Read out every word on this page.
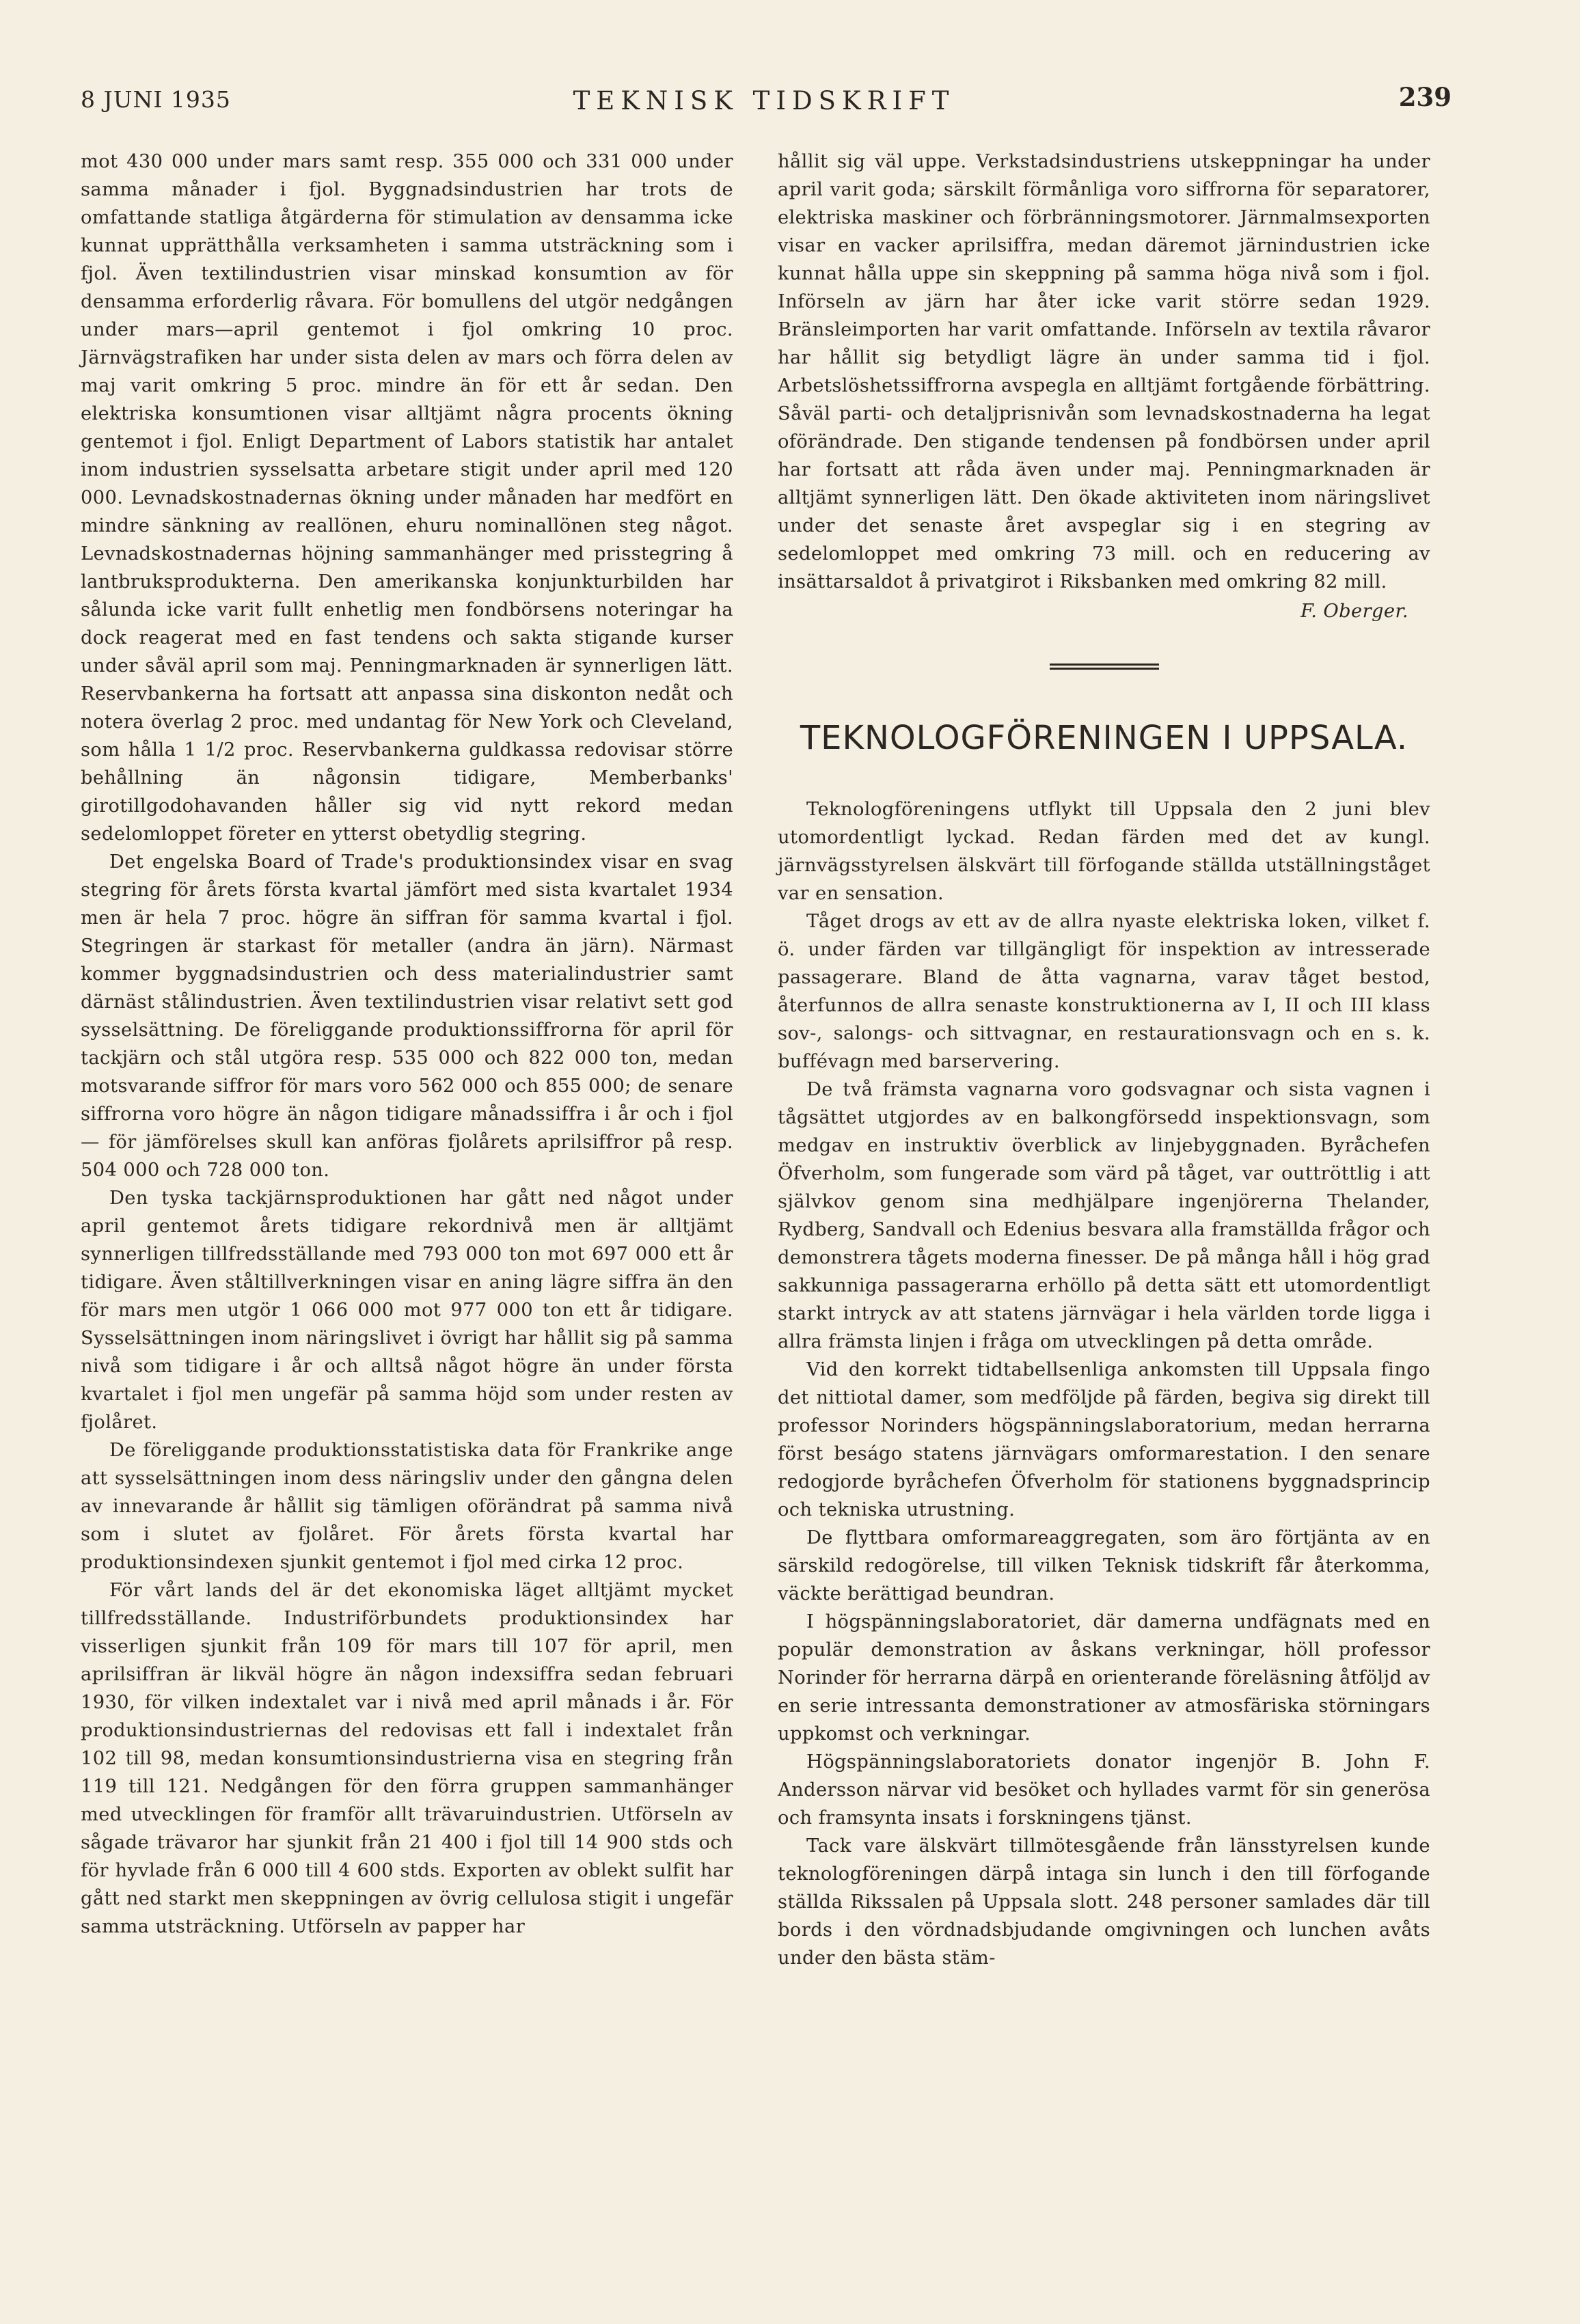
8 JUNI 1935	TEKNISK TIDSKRIFT	239

mot 430 000 under mars samt resp. 355 000 och 331 000 under samma månader i fjol. Byggnadsindustrien har trots de omfattande statliga åtgärderna för stimulation av densamma icke kunnat upprätthålla verksamheten i samma utsträckning som i fjol. Även textilindustrien visar minskad konsumtion av för densamma erforderlig råvara. För bomullens del utgör nedgången under mars—april gentemot i fjol omkring 10 proc. Järnvägstrafiken har under sista delen av mars och förra delen av maj varit omkring 5 proc. mindre än för ett år sedan. Den elektriska konsumtionen visar alltjämt några procents ökning gentemot i fjol. Enligt Department of Labors statistik har antalet inom industrien sysselsatta arbetare stigit under april med 120 000. Levnadskostnadernas ökning under månaden har medfört en mindre sänkning av reallönen, ehuru nominallönen steg något. Levnadskostnadernas höjning sammanhänger med prisstegring å lantbruksprodukterna. Den amerikanska konjunkturbilden har sålunda icke varit fullt enhetlig men fondbörsens noteringar ha dock reagerat med en fast tendens och sakta stigande kurser under såväl april som maj. Penningmarknaden är synnerligen lätt. Reservbankerna ha fortsatt att anpassa sina diskonton nedåt och notera överlag 2 proc. med undantag för New York och Cleveland, som hålla 1 1/2 proc. Reservbankerna guldkassa redovisar större behållning än någonsin tidigare, Memberbanks' girotillgodohavanden håller sig vid nytt rekord medan sedelomloppet företer en ytterst obetydlig stegring.

Det engelska Board of Trade's produktionsindex visar en svag stegring för årets första kvartal jämfört med sista kvartalet 1934 men är hela 7 proc. högre än siffran för samma kvartal i fjol. Stegringen är starkast för metaller (andra än järn). Närmast kommer byggnadsindustrien och dess materialindustrier samt därnäst stålindustrien. Även textilindustrien visar relativt sett god sysselsättning. De föreliggande produktionssiffrorna för april för tackjärn och stål utgöra resp. 535 000 och 822 000 ton, medan motsvarande siffror för mars voro 562 000 och 855 000; de senare siffrorna voro högre än någon tidigare månadssiffra i år och i fjol — för jämförelses skull kan anföras fjolårets aprilsiffror på resp. 504 000 och 728 000 ton.

Den tyska tackjärnsproduktionen har gått ned något under april gentemot årets tidigare rekordnivå men är alltjämt synnerligen tillfredsställande med 793 000 ton mot 697 000 ett år tidigare. Även ståltillverkningen visar en aning lägre siffra än den för mars men utgör 1 066 000 mot 977 000 ton ett år tidigare. Sysselsättningen inom näringslivet i övrigt har hållit sig på samma nivå som tidigare i år och alltså något högre än under första kvartalet i fjol men ungefär på samma höjd som under resten av fjolåret.

De föreliggande produktionsstatistiska data för Frankrike ange att sysselsättningen inom dess näringsliv under den gångna delen av innevarande år hållit sig tämligen oförändrat på samma nivå som i slutet av fjolåret. För årets första kvartal har produktionsindexen sjunkit gentemot i fjol med cirka 12 proc.

För vårt lands del är det ekonomiska läget alltjämt mycket tillfredsställande. Industriförbundets produktionsindex har visserligen sjunkit från 109 för mars till 107 för april, men aprilsiffran är likväl högre än någon indexsiffra sedan februari 1930, för vilken indextalet var i nivå med april månads i år. För produktionsindustriernas del redovisas ett fall i indextalet från 102 till 98, medan konsumtionsindustrierna visa en stegring från 119 till 121. Nedgången för den förra gruppen sammanhänger med utvecklingen för framför allt trävaruindustrien. Utförseln av sågade trävaror har sjunkit från 21 400 i fjol till 14 900 stds och för hyvlade från 6 000 till 4 600 stds. Exporten av oblekt sulfit har gått ned starkt men skeppningen av övrig cellulosa stigit i ungefär samma utsträckning. Utförseln av papper har

hållit sig väl uppe. Verkstadsindustriens utskeppningar ha under april varit goda; särskilt förmånliga voro siffrorna för separatorer, elektriska maskiner och förbränningsmotorer. Järnmalmsexporten visar en vacker aprilsiffra, medan däremot järnindustrien icke kunnat hålla uppe sin skeppning på samma höga nivå som i fjol. Införseln av järn har åter icke varit större sedan 1929. Bränsleimporten har varit omfattande. Införseln av textila råvaror har hållit sig betydligt lägre än under samma tid i fjol. Arbetslöshetssiffrorna avspegla en alltjämt fortgående förbättring. Såväl parti- och detaljprisnivån som levnadskostnaderna ha legat oförändrade. Den stigande tendensen på fondbörsen under april har fortsatt att råda även under maj. Penningmarknaden är alltjämt synnerligen lätt. Den ökade aktiviteten inom näringslivet under det senaste året avspeglar sig i en stegring av sedelomloppet med omkring 73 mill. och en reducering av insättarsaldot å privatgirot i Riksbanken med omkring 82 mill.

F. Oberger.

TEKNOLOGFÖRENINGEN I UPPSALA.

Teknologföreningens utflykt till Uppsala den 2 juni blev utomordentligt lyckad. Redan färden med det av kungl. järnvägsstyrelsen älskvärt till förfogande ställda utställningståget var en sensation.

Tåget drogs av ett av de allra nyaste elektriska loken, vilket f. ö. under färden var tillgängligt för inspektion av intresserade passagerare. Bland de åtta vagnarna, varav tåget bestod, återfunnos de allra senaste konstruktionerna av I, II och III klass sov-, salongs- och sittvagnar, en restaurationsvagn och en s. k. buffévagn med barservering.

De två främsta vagnarna voro godsvagnar och sista vagnen i tågsättet utgjordes av en balkongförsedd inspektionsvagn, som medgav en instruktiv överblick av linjebyggnaden. Byråchefen Öfverholm, som fungerade som värd på tåget, var outtröttlig i att självkov genom sina medhjälpare ingenjörerna Thelander, Rydberg, Sandvall och Edenius besvara alla framställda frågor och demonstrera tågets moderna finesser. De på många håll i hög grad sakkunniga passagerarna erhöllo på detta sätt ett utomordentligt starkt intryck av att statens järnvägar i hela världen torde ligga i allra främsta linjen i fråga om utvecklingen på detta område.

Vid den korrekt tidtabellsenliga ankomsten till Uppsala fingo det nittiotal damer, som medföljde på färden, begiva sig direkt till professor Norinders högspänningslaboratorium, medan herrarna först beságo statens järnvägars omformarestation. I den senare redogjorde byråchefen Öfverholm för stationens byggnadsprincip och tekniska utrustning.

De flyttbara omformareaggregaten, som äro förtjänta av en särskild redogörelse, till vilken Teknisk tidskrift får återkomma, väckte berättigad beundran.

I högspänningslaboratoriet, där damerna undfägnats med en populär demonstration av åskans verkningar, höll professor Norinder för herrarna därpå en orienterande föreläsning åtföljd av en serie intressanta demonstrationer av atmosfäriska störningars uppkomst och verkningar.

Högspänningslaboratoriets donator ingenjör B. John F. Andersson närvar vid besöket och hyllades varmt för sin generösa och framsynta insats i forskningens tjänst.

Tack vare älskvärt tillmötesgående från länsstyrelsen kunde teknologföreningen därpå intaga sin lunch i den till förfogande ställda Rikssalen på Uppsala slott. 248 personer samlades där till bords i den vördnadsbjudande omgivningen och lunchen avåts under den bästa stäm-
